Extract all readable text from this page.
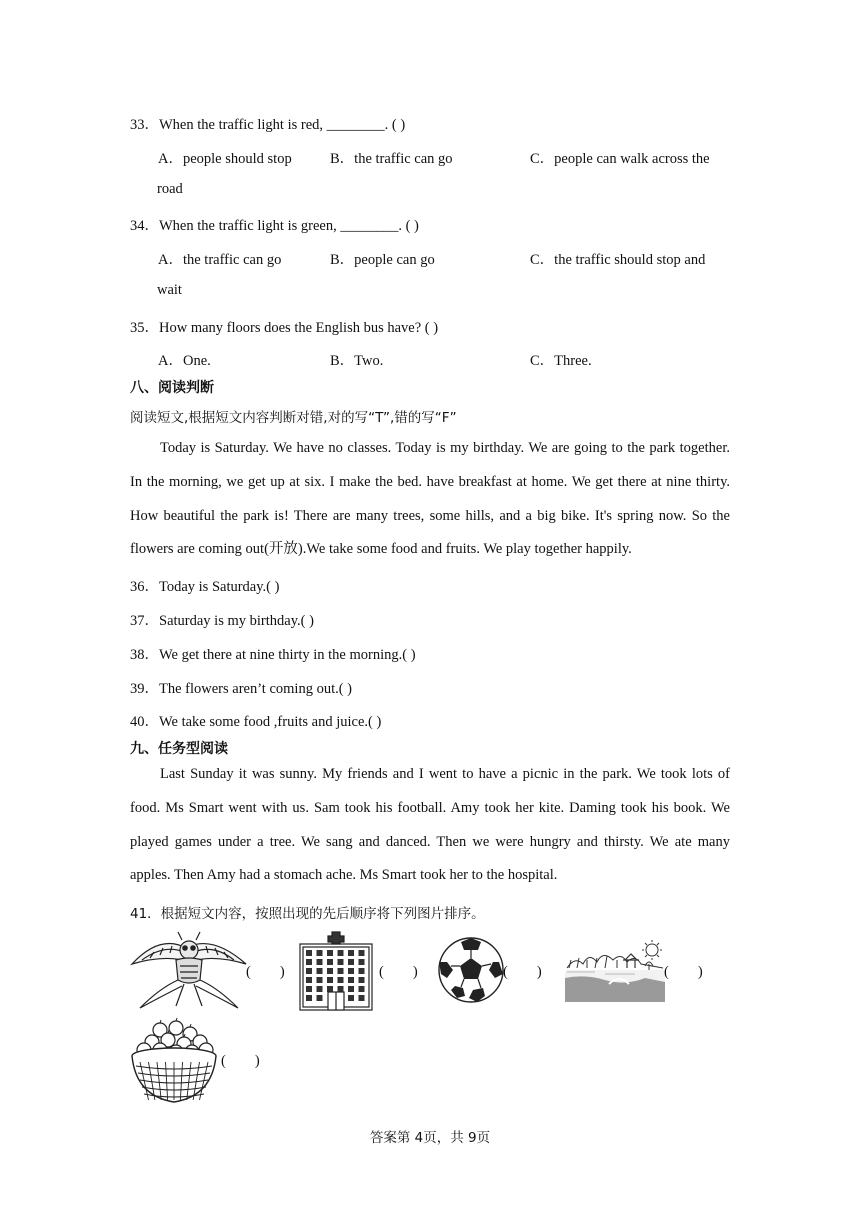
33．When the traffic light is red, ________. ( )
A．people should stop	B．the traffic can go	C．people can walk across the
road
34．When the traffic light is green, ________. ( )
A．the traffic can go	B．people can go	C．the traffic should stop and
wait
35．How many floors does the English bus have? ( )
A．One.	B．Two.	C．Three.
八、阅读判断
阅读短文,根据短文内容判断对错,对的写“T”,错的写“F”
Today is Saturday. We have no classes. Today is my birthday. We are going to the park together. In the morning, we get up at six. I make the bed. have breakfast at home. We get there at nine thirty. How beautiful the park is! There are many trees, some hills, and a big bike. It's spring now. So the flowers are coming out(开放).We take some food and fruits. We play together happily.
36．Today is Saturday.( )
37．Saturday is my birthday.( )
38．We get there at nine thirty in the morning.( )
39．The flowers aren’t coming out.( )
40．We take some food ,fruits and juice.( )
九、任务型阅读
Last Sunday it was sunny. My friends and I went to have a picnic in the park. We took lots of food. Ms Smart went with us. Sam took his football. Amy took her kite. Daming took his book. We played games under a tree. We sang and danced. Then we were hungry and thirsty. We ate many apples. Then Amy had a stomach ache. Ms Smart took her to the hospital.
41．根据短文内容，按照出现的先后顺序将下列图片排序。
(        )	(        )	(        )	(        )
(        )
答案第 4页，共 9页
